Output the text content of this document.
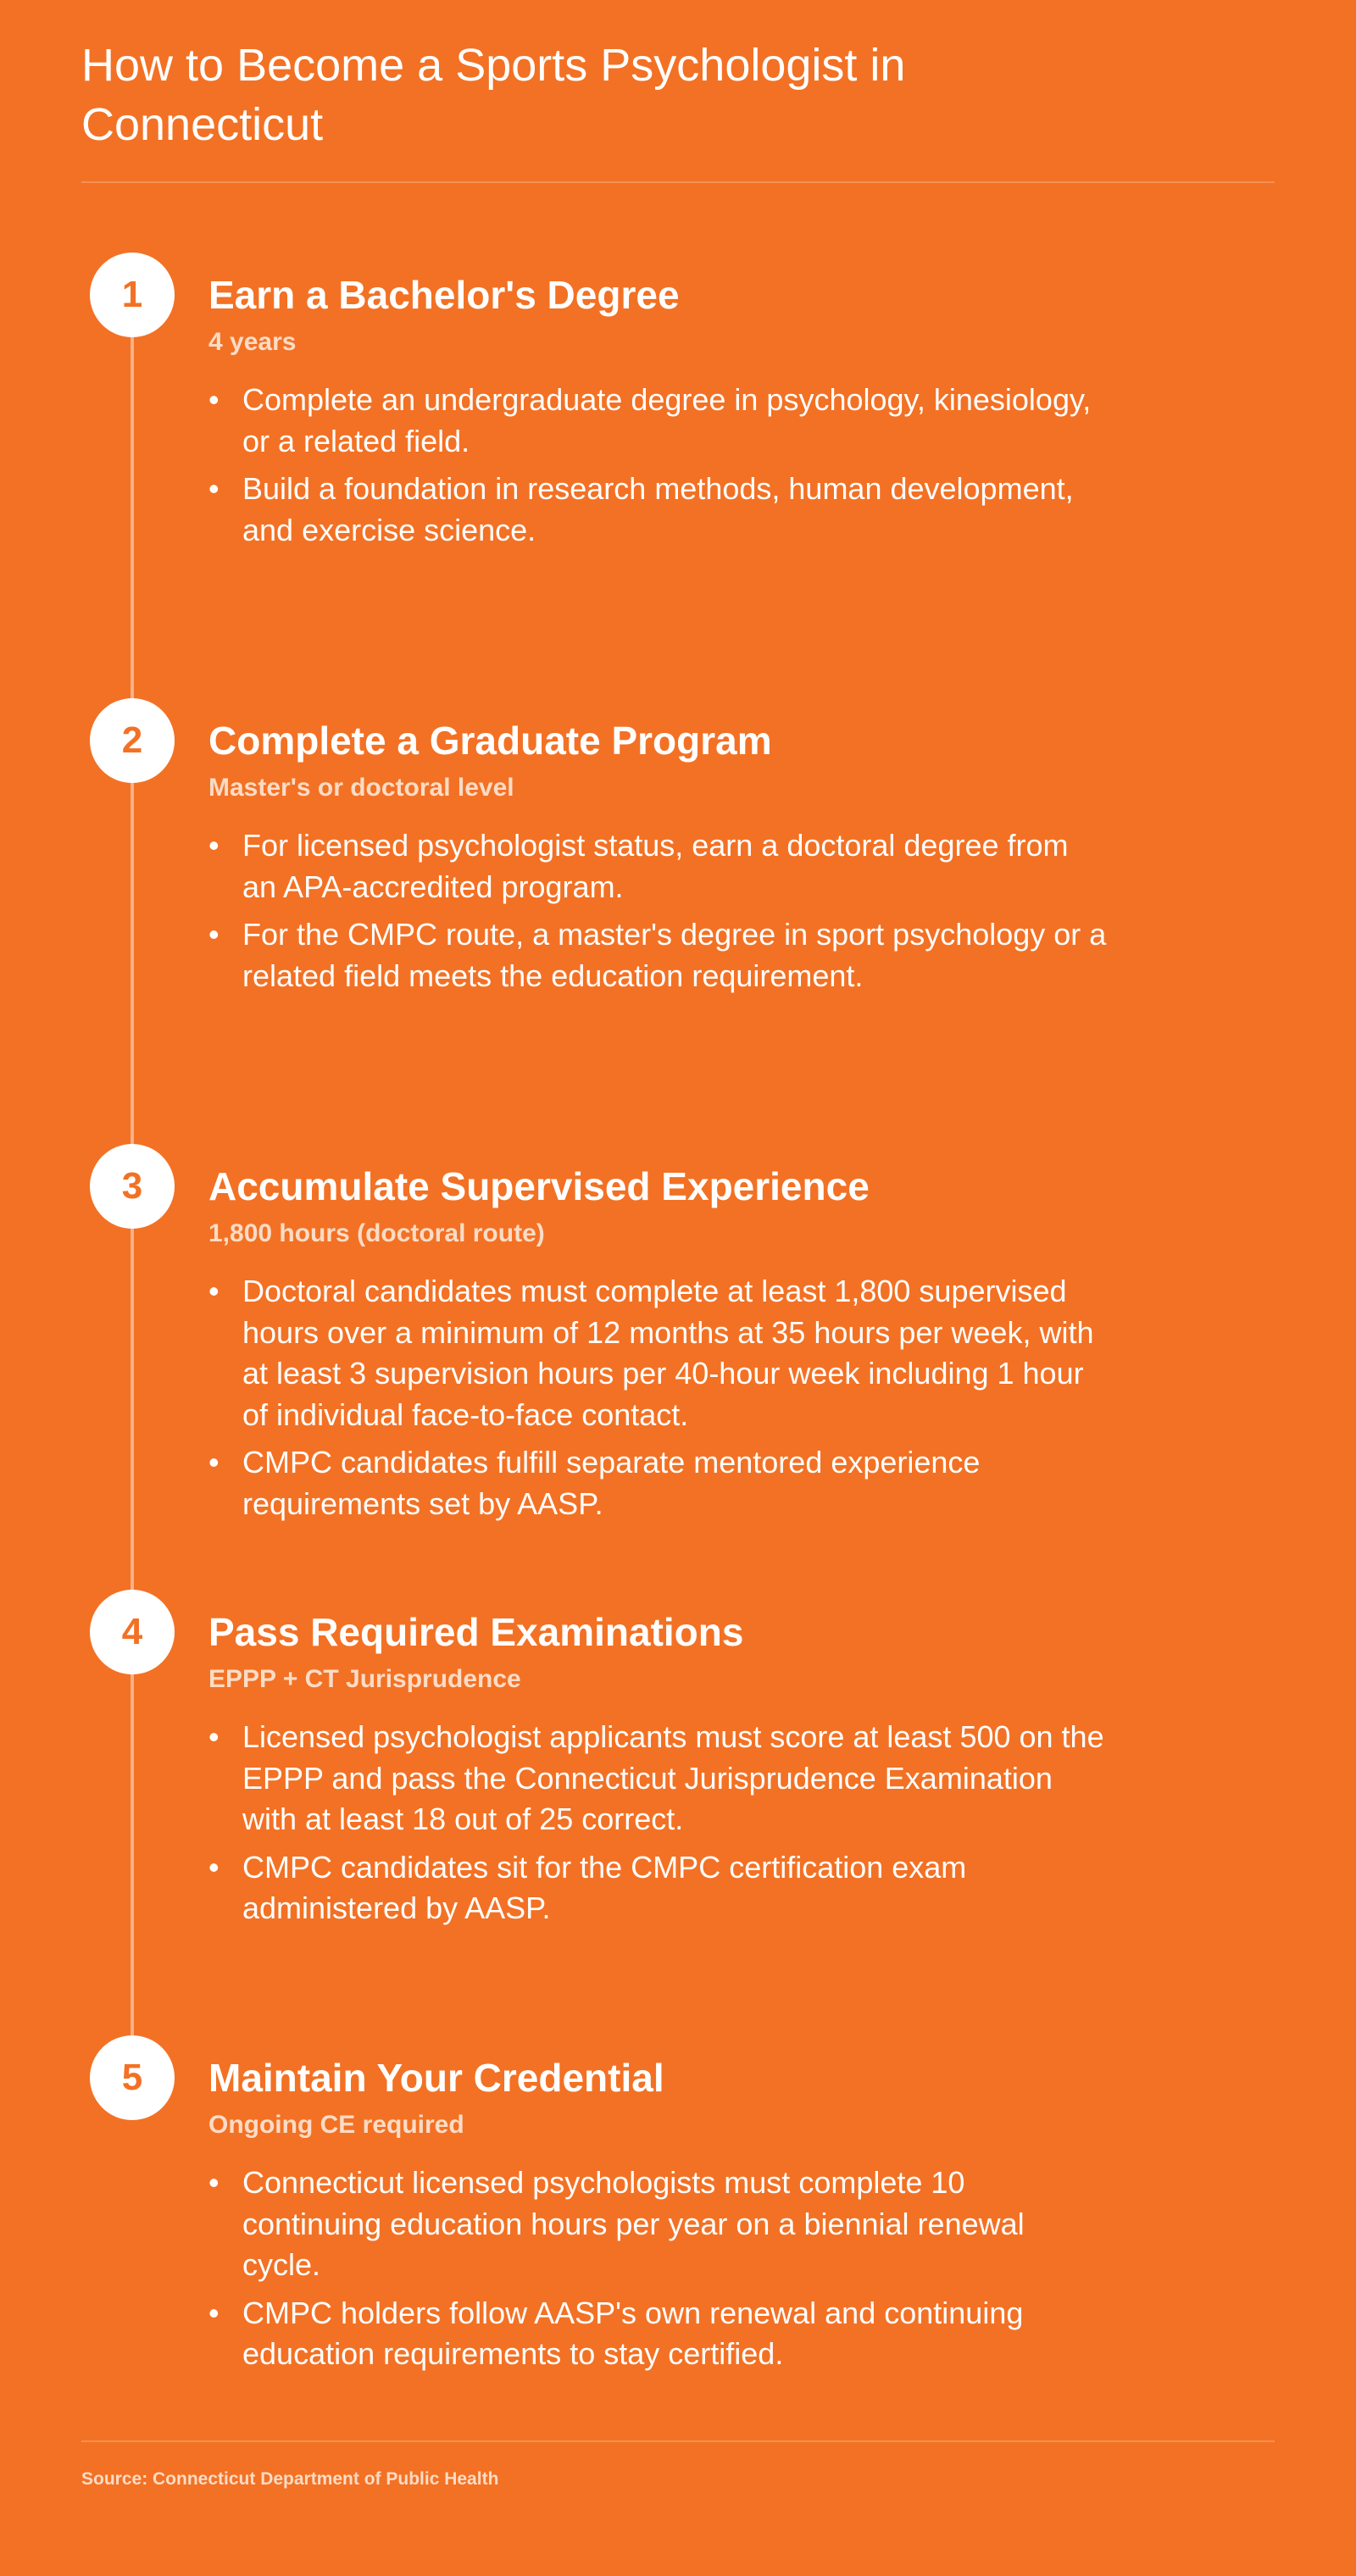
How to Become a Sports Psychologist in Connecticut
1	Earn a Bachelor's Degree

4 years

• Complete an undergraduate degree in psychology, kinesiology, or a related field.
• Build a foundation in research methods, human development, and exercise science.
2	Complete a Graduate Program

Master's or doctoral level

• For licensed psychologist status, earn a doctoral degree from an APA-accredited program.
• For the CMPC route, a master's degree in sport psychology or a related field meets the education requirement.
3	Accumulate Supervised Experience

1,800 hours (doctoral route)

• Doctoral candidates must complete at least 1,800 supervised hours over a minimum of 12 months at 35 hours per week, with at least 3 supervision hours per 40-hour week including 1 hour of individual face-to-face contact.
• CMPC candidates fulfill separate mentored experience requirements set by AASP.
4	Pass Required Examinations

EPPP + CT Jurisprudence

• Licensed psychologist applicants must score at least 500 on the EPPP and pass the Connecticut Jurisprudence Examination with at least 18 out of 25 correct.
• CMPC candidates sit for the CMPC certification exam administered by AASP.
5	Maintain Your Credential

Ongoing CE required

• Connecticut licensed psychologists must complete 10 continuing education hours per year on a biennial renewal cycle.
• CMPC holders follow AASP's own renewal and continuing education requirements to stay certified.
Source: Connecticut Department of Public Health
